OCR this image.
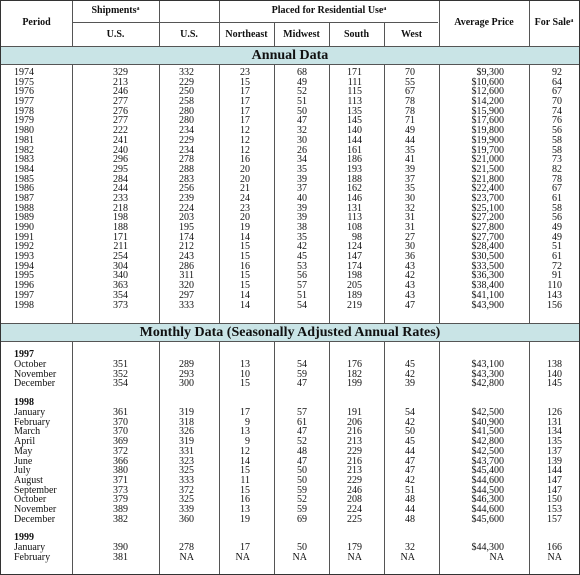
Period
Shipments$^a$	Placed for Residential Use$^a$
U.S.	U.S.	Northeast	Midwest	South	West
Average Price	For Sale$^a$
Annual Data
1974	329	332	23	68	171	70	$9,300	92
1975	213	229	15	49	111	55	$10,600	64
1976	246	250	17	52	115	67	$12,600	67
1977	277	258	17	51	113	78	$14,200	70
1978	276	280	17	50	135	78	$15,900	74
1979	277	280	17	47	145	71	$17,600	76
1980	222	234	12	32	140	49	$19,800	56
1981	241	229	12	30	144	44	$19,900	58
1982	240	234	12	26	161	35	$19,700	58
1983	296	278	16	34	186	41	$21,000	73
1984	295	288	20	35	193	39	$21,500	82
1985	284	283	20	39	188	37	$21,800	78
1986	244	256	21	37	162	35	$22,400	67
1987	233	239	24	40	146	30	$23,700	61
1988	218	224	23	39	131	32	$25,100	58
1989	198	203	20	39	113	31	$27,200	56
1990	188	195	19	38	108	31	$27,800	49
1991	171	174	14	35	98	27	$27,700	49
1992	211	212	15	42	124	30	$28,400	51
1993	254	243	15	45	147	36	$30,500	61
1994	304	286	16	53	174	43	$33,500	72
1995	340	311	15	56	198	42	$36,300	91
1996	363	320	15	57	205	43	$38,400	110
1997	354	297	14	51	189	43	$41,100	143
1998	373	333	14	54	219	47	$43,900	156
Monthly Data (Seasonally Adjusted Annual Rates)
1997
October	351	289	13	54	176	45	$43,100	138
November	352	293	10	59	182	42	$43,300	140
December	354	300	15	47	199	39	$42,800	145
1998
January	361	319	17	57	191	54	$42,500	126
February	370	318	9	61	206	42	$40,900	131
March	370	326	13	47	216	50	$41,500	134
April	369	319	9	52	213	45	$42,800	135
May	372	331	12	48	229	44	$42,500	137
June	366	323	14	47	216	47	$43,700	139
July	380	325	15	50	213	47	$45,400	144
August	371	333	11	50	229	42	$44,600	147
September	373	372	15	59	246	51	$44,500	147
October	379	325	16	52	208	48	$46,300	150
November	389	339	13	59	224	44	$44,600	153
December	382	360	19	69	225	48	$45,600	157
1999
January	390	278	17	50	179	32	$44,300	166
February	381	NA	NA	NA	NA	NA	NA	NA
